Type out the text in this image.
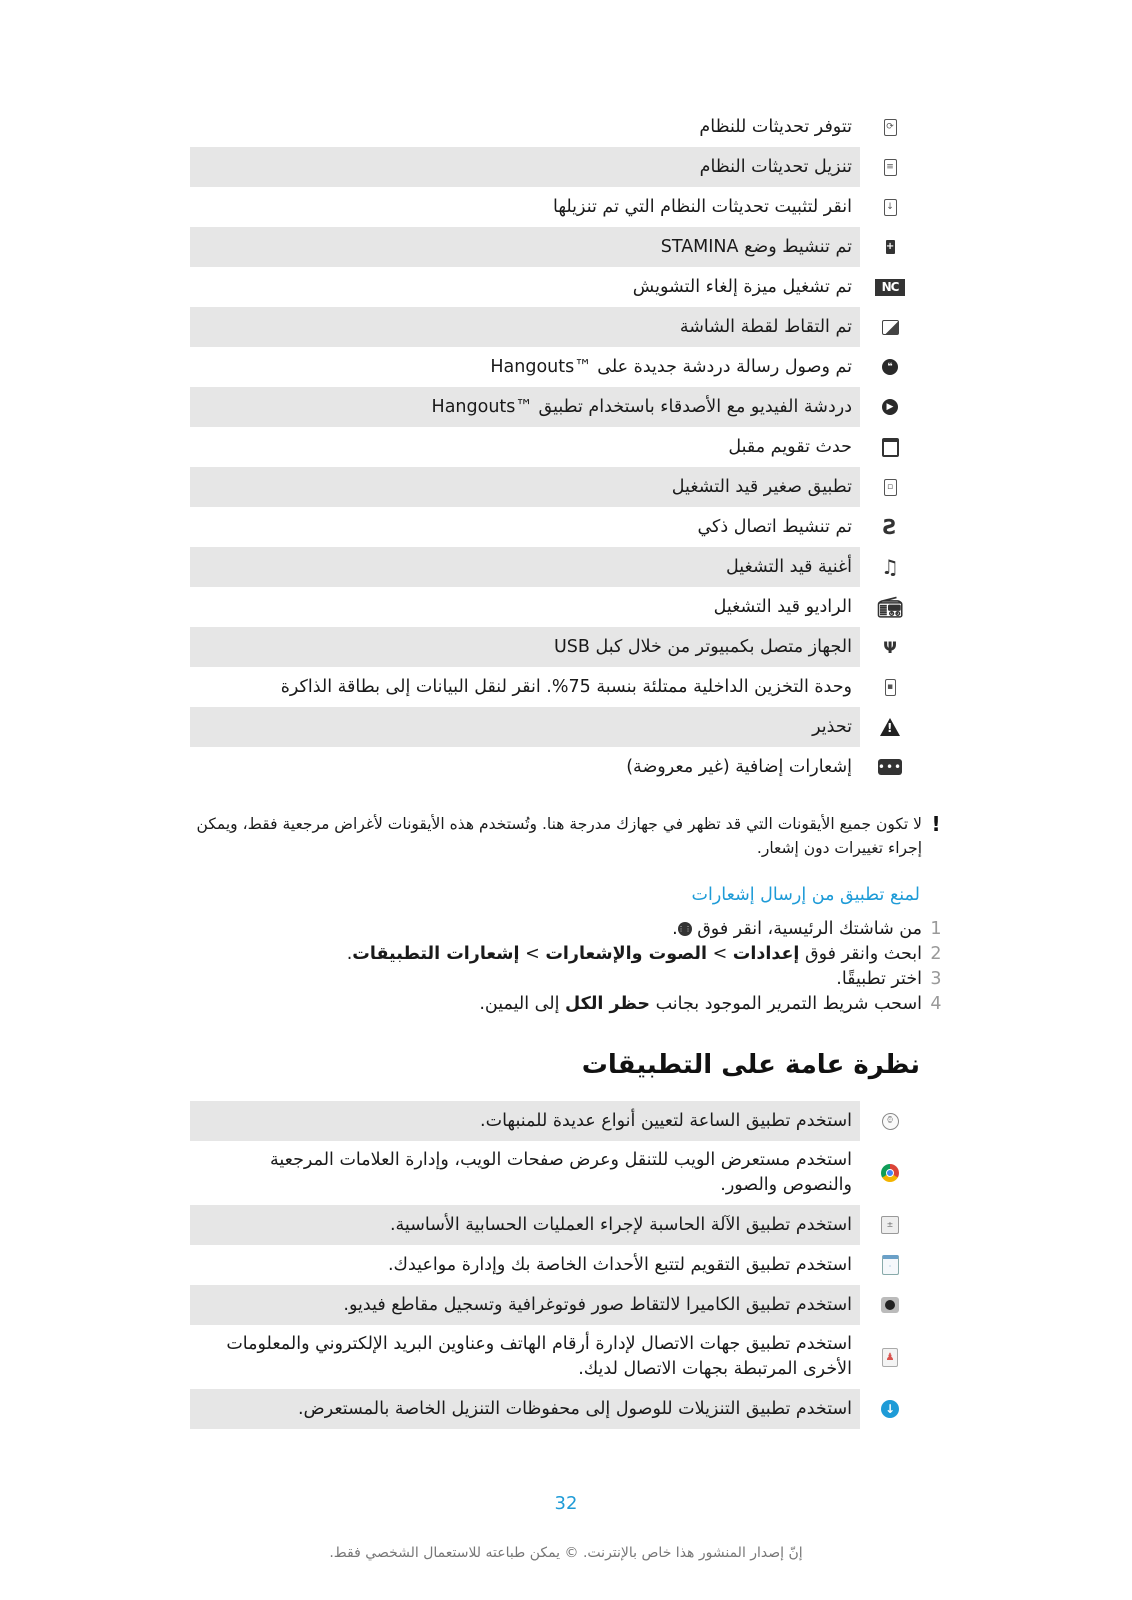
⟳
تتوفر تحديثات للنظام
≡
تنزيل تحديثات النظام
↓
انقر لتثبيت تحديثات النظام التي تم تنزيلها
+
تم تنشيط وضع STAMINA
NC
تم تشغيل ميزة إلغاء التشويش
تم التقاط لقطة الشاشة
❝
تم وصول رسالة دردشة جديدة على ™Hangouts
▶
دردشة الفيديو مع الأصدقاء باستخدام تطبيق ™Hangouts
حدث تقويم مقبل
▫
تطبيق صغير قيد التشغيل
Ƨ
تم تنشيط اتصال ذكي
♫
أغنية قيد التشغيل
📻︎
الراديو قيد التشغيل
Ψ
الجهاز متصل بكمبيوتر من خلال كبل USB
▪
وحدة التخزين الداخلية ممتلئة بنسبة 75%. انقر لنقل البيانات إلى بطاقة الذاكرة
!
تحذير
•••
إشعارات إضافية (غير معروضة)
!
لا تكون جميع الأيقونات التي قد تظهر في جهازك مدرجة هنا. وتُستخدم هذه الأيقونات لأغراض مرجعية فقط، ويمكن إجراء تغييرات دون إشعار.
لمنع تطبيق من إرسال إشعارات
1
من شاشتك الرئيسية، انقر فوق ⋮⋮.
2
ابحث وانقر فوق إعدادات > الصوت والإشعارات > إشعارات التطبيقات.
3
اختر تطبيقًا.
4
اسحب شريط التمرير الموجود بجانب حظر الكل إلى اليمين.
نظرة عامة على التطبيقات
⌚︎
استخدم تطبيق الساعة لتعيين أنواع عديدة للمنبهات.
استخدم مستعرض الويب للتنقل وعرض صفحات الويب، وإدارة العلامات المرجعية والنصوص والصور.
±
استخدم تطبيق الآلة الحاسبة لإجراء العمليات الحسابية الأساسية.
·
استخدم تطبيق التقويم لتتبع الأحداث الخاصة بك وإدارة مواعيدك.
استخدم تطبيق الكاميرا لالتقاط صور فوتوغرافية وتسجيل مقاطع فيديو.
♟
استخدم تطبيق جهات الاتصال لإدارة أرقام الهاتف وعناوين البريد الإلكتروني والمعلومات الأخرى المرتبطة بجهات الاتصال لديك.
↓
استخدم تطبيق التنزيلات للوصول إلى محفوظات التنزيل الخاصة بالمستعرض.
32
إنّ إصدار المنشور هذا خاص بالإنترنت. © يمكن طباعته للاستعمال الشخصي فقط.
